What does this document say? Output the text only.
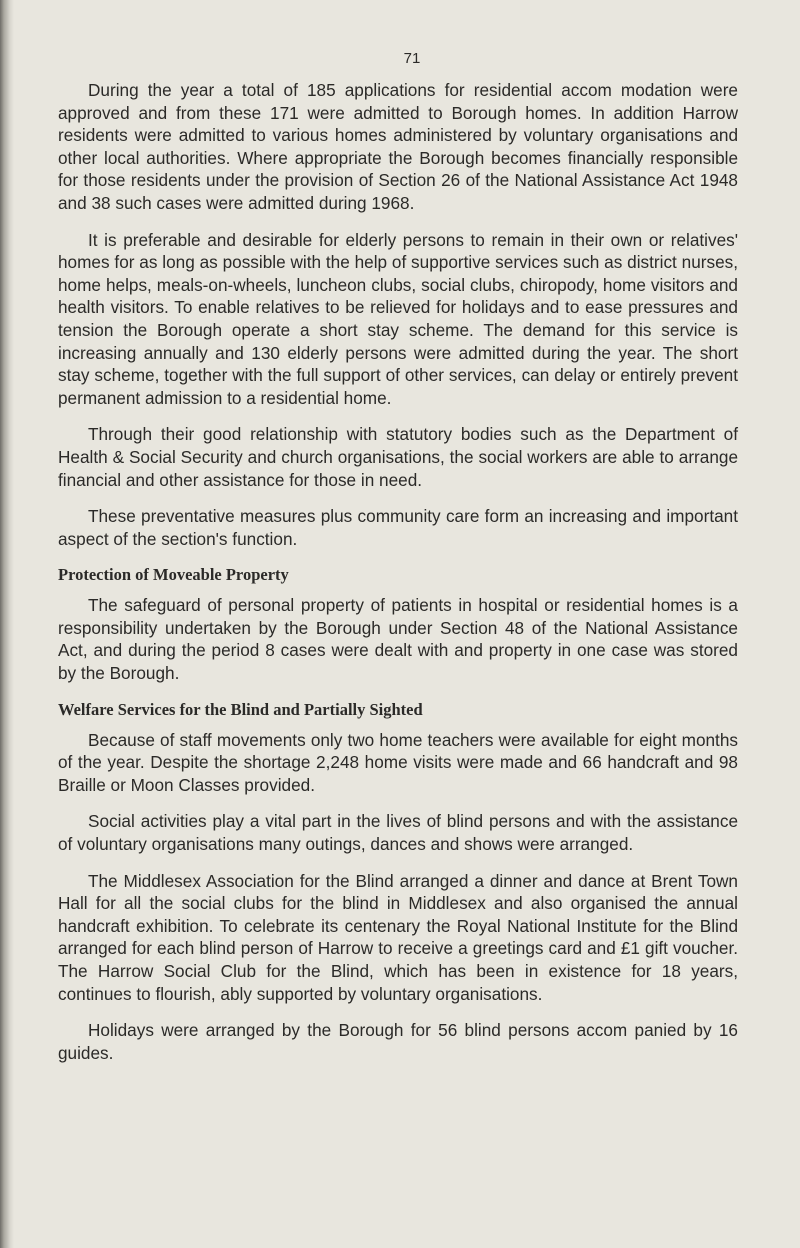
71

During the year a total of 185 applications for residential accom modation were approved and from these 171 were admitted to Borough homes. In addition Harrow residents were admitted to various homes administered by voluntary organisations and other local authorities. Where appropriate the Borough becomes financially responsible for those residents under the provision of Section 26 of the National Assistance Act 1948 and 38 such cases were admitted during 1968.

It is preferable and desirable for elderly persons to remain in their own or relatives' homes for as long as possible with the help of supportive services such as district nurses, home helps, meals-on-wheels, luncheon clubs, social clubs, chiropody, home visitors and health visitors. To enable relatives to be relieved for holidays and to ease pressures and tension the Borough operate a short stay scheme. The demand for this service is increasing annually and 130 elderly persons were admitted during the year. The short stay scheme, together with the full support of other services, can delay or entirely prevent permanent admission to a residential home.

Through their good relationship with statutory bodies such as the Department of Health & Social Security and church organisations, the social workers are able to arrange financial and other assistance for those in need.

These preventative measures plus community care form an increasing and important aspect of the section's function.

Protection of Moveable Property

The safeguard of personal property of patients in hospital or residential homes is a responsibility undertaken by the Borough under Section 48 of the National Assistance Act, and during the period 8 cases were dealt with and property in one case was stored by the Borough.

Welfare Services for the Blind and Partially Sighted

Because of staff movements only two home teachers were available for eight months of the year. Despite the shortage 2,248 home visits were made and 66 handcraft and 98 Braille or Moon Classes provided.

Social activities play a vital part in the lives of blind persons and with the assistance of voluntary organisations many outings, dances and shows were arranged.

The Middlesex Association for the Blind arranged a dinner and dance at Brent Town Hall for all the social clubs for the blind in Middlesex and also organised the annual handcraft exhibition. To celebrate its centenary the Royal National Institute for the Blind arranged for each blind person of Harrow to receive a greetings card and £1 gift voucher. The Harrow Social Club for the Blind, which has been in existence for 18 years, continues to flourish, ably supported by voluntary organisations.

Holidays were arranged by the Borough for 56 blind persons accom panied by 16 guides.
